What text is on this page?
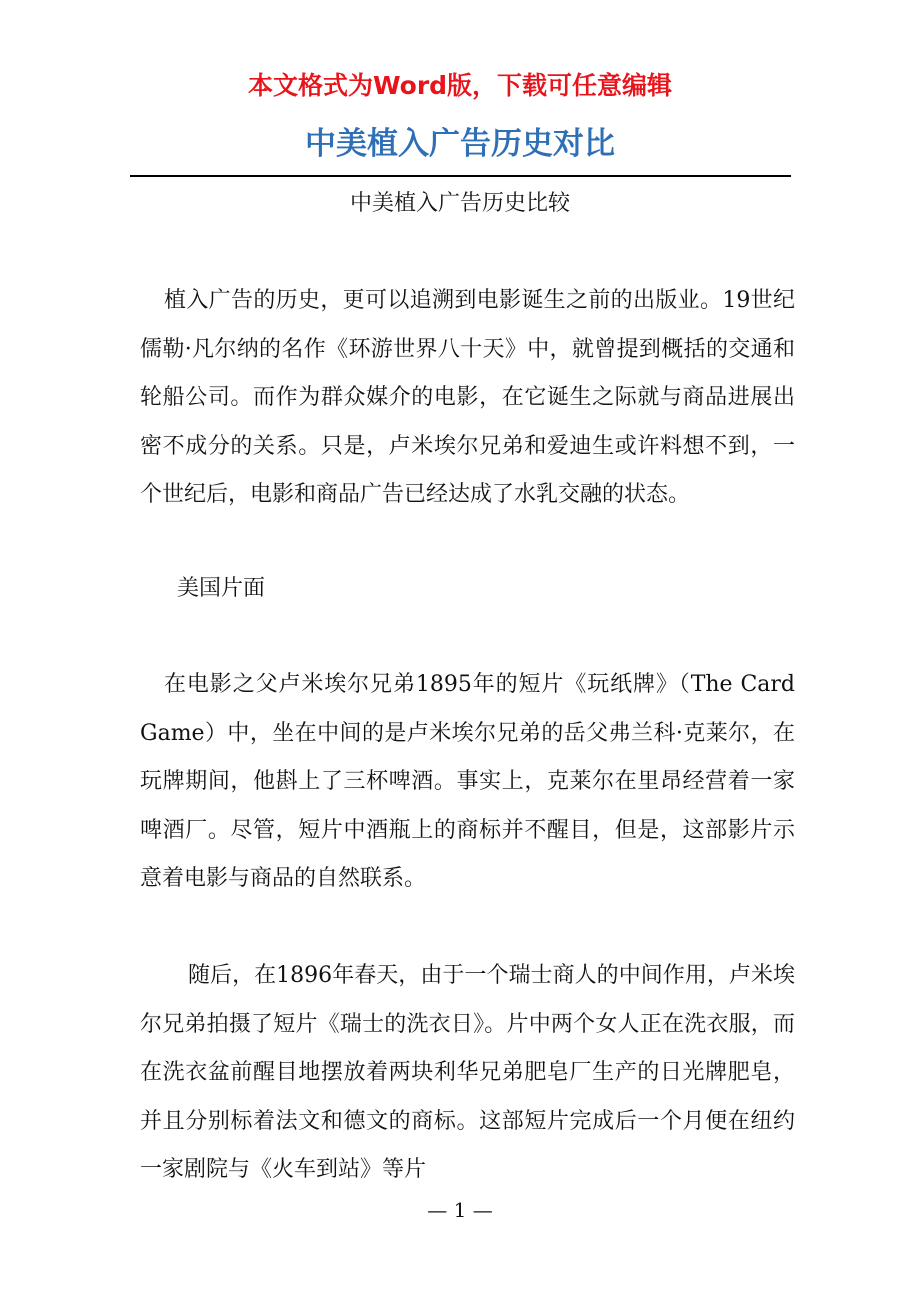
本文格式为Word版，下载可任意编辑
中美植入广告历史对比
中美植入广告历史比较

植入广告的历史，更可以追溯到电影诞生之前的出版业。19世纪儒勒·凡尔纳的名作《环游世界八十天》中，就曾提到概括的交通和轮船公司。而作为群众媒介的电影，在它诞生之际就与商品进展出密不成分的关系。只是，卢米埃尔兄弟和爱迪生或许料想不到，一个世纪后，电影和商品广告已经达成了水乳交融的状态。

美国片面

在电影之父卢米埃尔兄弟1895年的短片《玩纸牌》（The Card Game）中，坐在中间的是卢米埃尔兄弟的岳父弗兰科·克莱尔，在玩牌期间，他斟上了三杯啤酒。事实上，克莱尔在里昂经营着一家啤酒厂。尽管，短片中酒瓶上的商标并不醒目，但是，这部影片示意着电影与商品的自然联系。

随后，在1896年春天，由于一个瑞士商人的中间作用，卢米埃尔兄弟拍摄了短片《瑞士的洗衣日》。片中两个女人正在洗衣服，而在洗衣盆前醒目地摆放着两块利华兄弟肥皂厂生产的日光牌肥皂，并且分别标着法文和德文的商标。这部短片完成后一个月便在纽约一家剧院与《火车到站》等片

— 1 —
